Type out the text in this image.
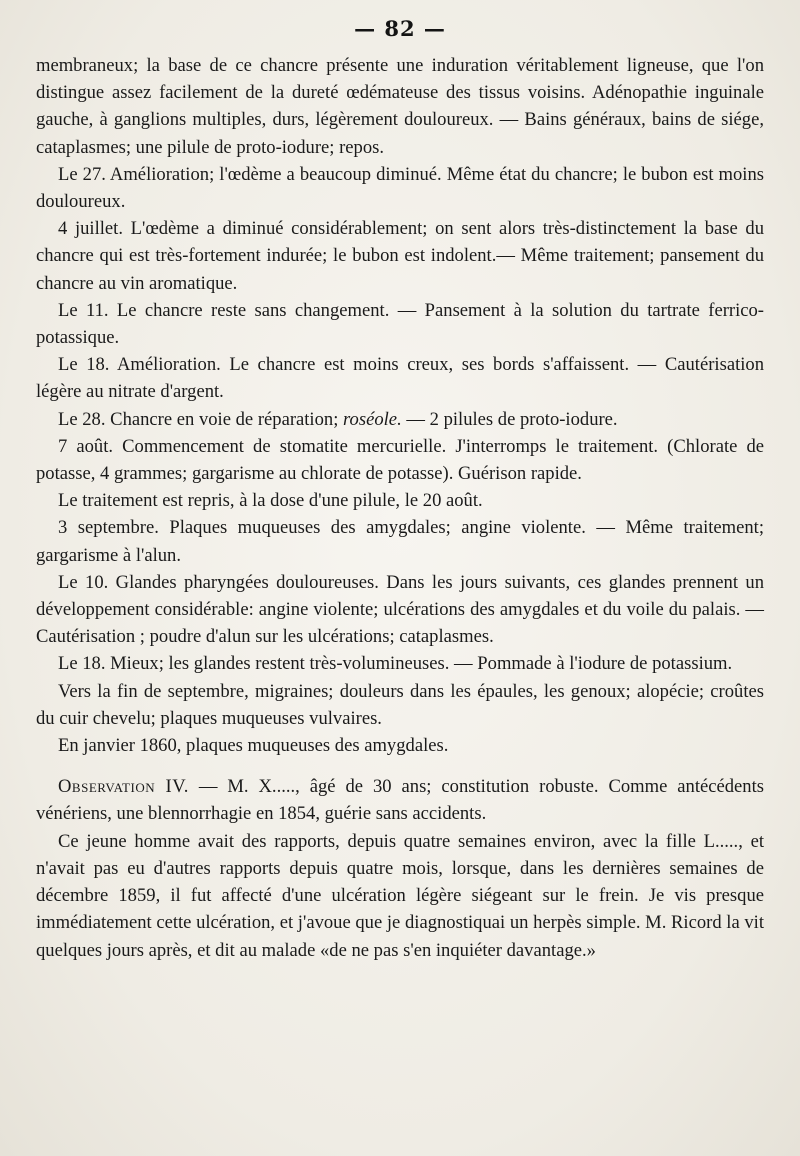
— 82 —

membraneux; la base de ce chancre présente une induration véritablement ligneuse, que l'on distingue assez facilement de la dureté œdémateuse des tissus voisins. Adénopathie inguinale gauche, à ganglions multiples, durs, légèrement douloureux. — Bains généraux, bains de siége, cataplasmes; une pilule de proto-iodure; repos.

Le 27. Amélioration; l'œdème a beaucoup diminué. Même état du chancre; le bubon est moins douloureux.

4 juillet. L'œdème a diminué considérablement; on sent alors très-distinctement la base du chancre qui est très-fortement indurée; le bubon est indolent.— Même traitement; pansement du chancre au vin aromatique.

Le 11. Le chancre reste sans changement. — Pansement à la solution du tartrate ferrico-potassique.

Le 18. Amélioration. Le chancre est moins creux, ses bords s'affaissent. — Cautérisation légère au nitrate d'argent.

Le 28. Chancre en voie de réparation; roséole. — 2 pilules de proto-iodure.

7 août. Commencement de stomatite mercurielle. J'interromps le traitement. (Chlorate de potasse, 4 grammes; gargarisme au chlorate de potasse). Guérison rapide.

Le traitement est repris, à la dose d'une pilule, le 20 août.

3 septembre. Plaques muqueuses des amygdales; angine violente. — Même traitement; gargarisme à l'alun.

Le 10. Glandes pharyngées douloureuses. Dans les jours suivants, ces glandes prennent un développement considérable: angine violente; ulcérations des amygdales et du voile du palais. — Cautérisation ; poudre d'alun sur les ulcérations; cataplasmes.

Le 18. Mieux; les glandes restent très-volumineuses. — Pommade à l'iodure de potassium.

Vers la fin de septembre, migraines; douleurs dans les épaules, les genoux; alopécie; croûtes du cuir chevelu; plaques muqueuses vulvaires.

En janvier 1860, plaques muqueuses des amygdales.

Observation IV. — M. X....., âgé de 30 ans; constitution robuste. Comme antécédents vénériens, une blennorrhagie en 1854, guérie sans accidents.

Ce jeune homme avait des rapports, depuis quatre semaines environ, avec la fille L....., et n'avait pas eu d'autres rapports depuis quatre mois, lorsque, dans les dernières semaines de décembre 1859, il fut affecté d'une ulcération légère siégeant sur le frein. Je vis presque immédiatement cette ulcération, et j'avoue que je diagnostiquai un herpès simple. M. Ricord la vit quelques jours après, et dit au malade «de ne pas s'en inquiéter davantage.»
